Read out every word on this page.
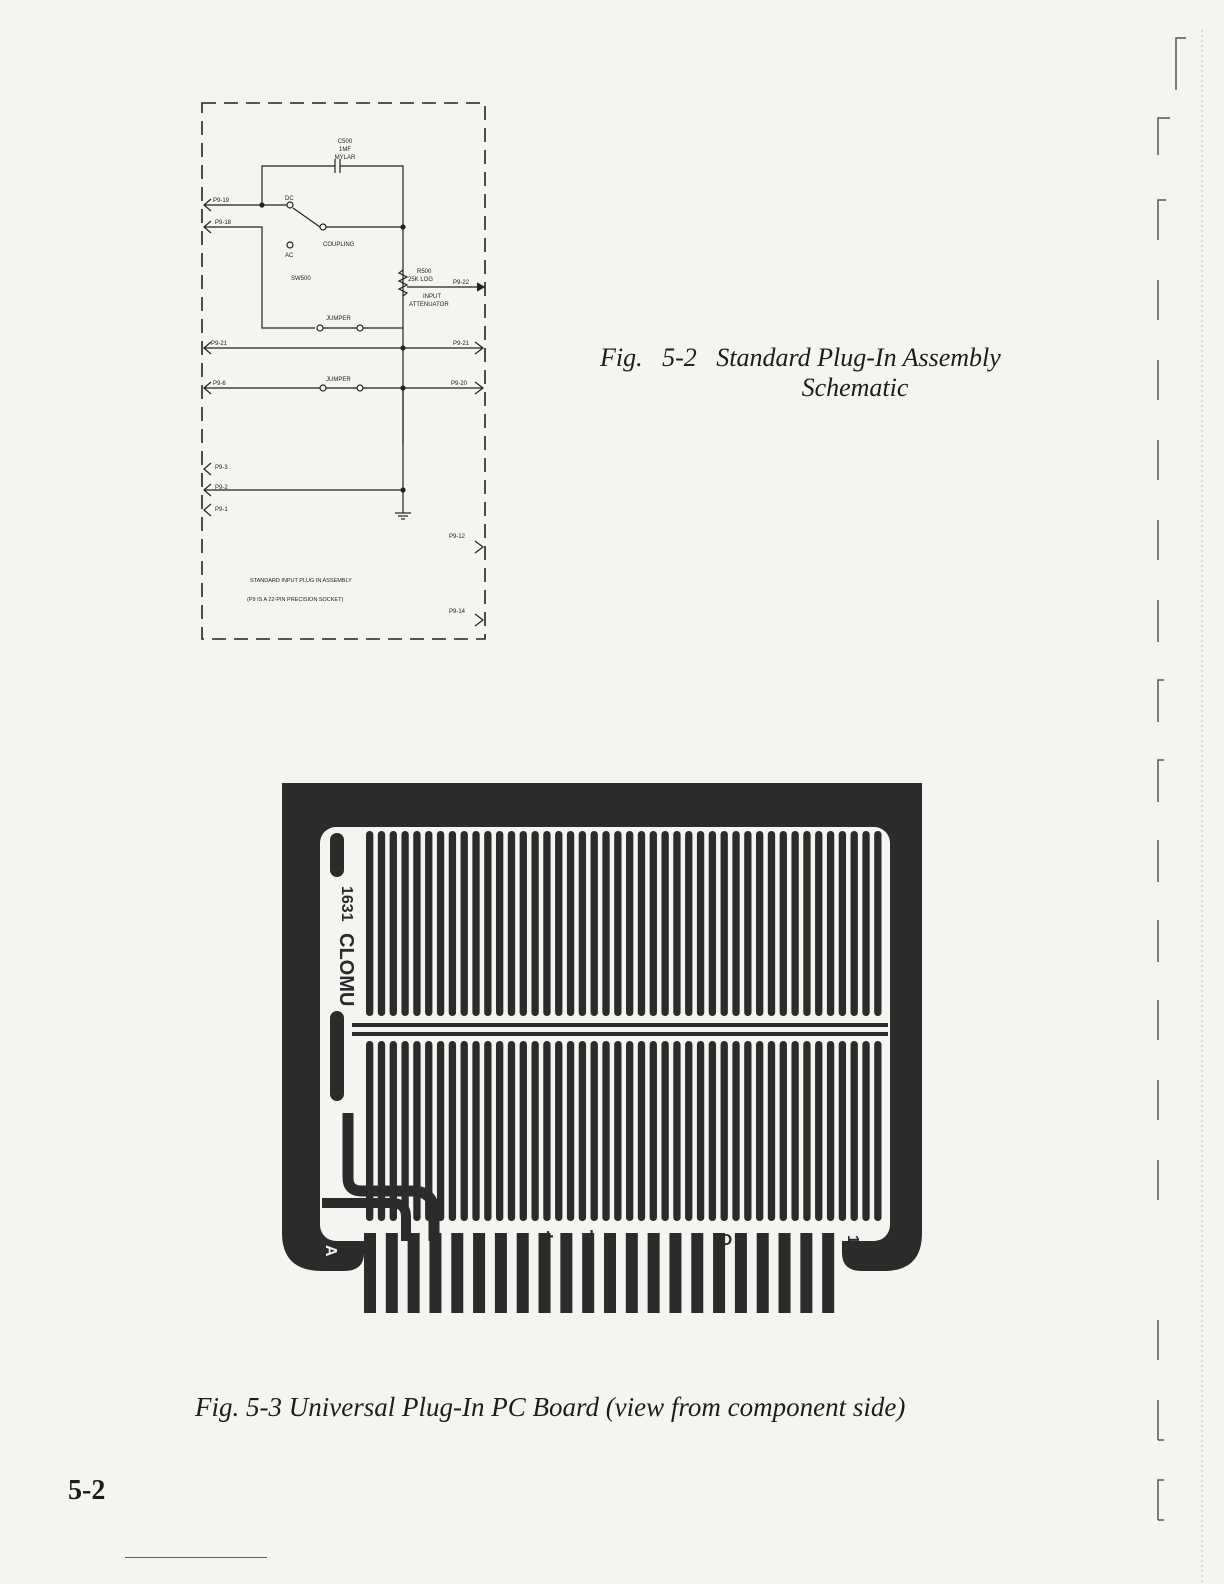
C500
1MF
MYLAR
P9-19
P9-18
DC
COUPLING
AC
SW500
R500
25K LOG	P9-22
INPUT
ATTENUATOR
JUMPER
P9-21	P9-21
JUMPER
P9-6	P9-20
P9-3
P9-2
P9-1
P9-12
STANDARD INPUT PLUG IN ASSEMBLY
(P9 IS A 22-PIN PRECISION SOCKET)
P9-14
Fig.   5-2   Standard Plug-In Assembly
Schematic
CLOMU
1631
A 22
+ −	O	1
Fig. 5-3 Universal Plug-In PC Board (view from component side)
5-2
